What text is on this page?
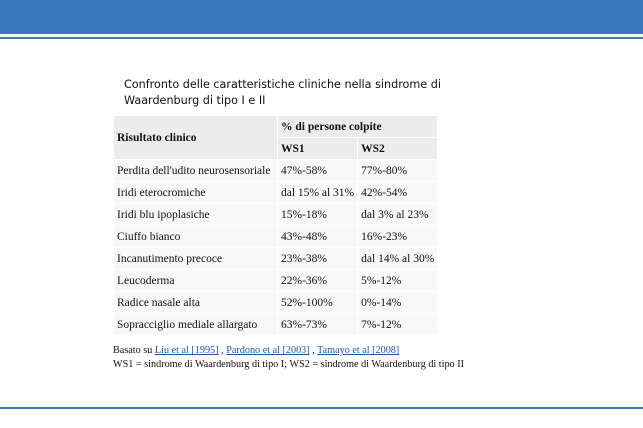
Confronto delle caratteristiche cliniche nella sindrome di Waardenburg di tipo I e II
Risultato clinico	% di persone colpite	
	WS1	WS2
Perdita dell'udito neurosensoriale	47%-58%	77%-80%
Iridi eterocromiche	dal 15% al 31%	42%-54%
Iridi blu ipoplasiche	15%-18%	dal 3% al 23%
Ciuffo bianco	43%-48%	16%-23%
Incanutimento precoce	23%-38%	dal 14% al 30%
Leucoderma	22%-36%	5%-12%
Radice nasale alta	52%-100%	0%-14%
Sopracciglio mediale allargato	63%-73%	7%-12%
Basato su Liu et al [1995] , Pardono et al [2003] , Tamayo et al [2008]
WS1 = sindrome di Waardenburg di tipo I; WS2 = sindrome di Waardenburg di tipo II
